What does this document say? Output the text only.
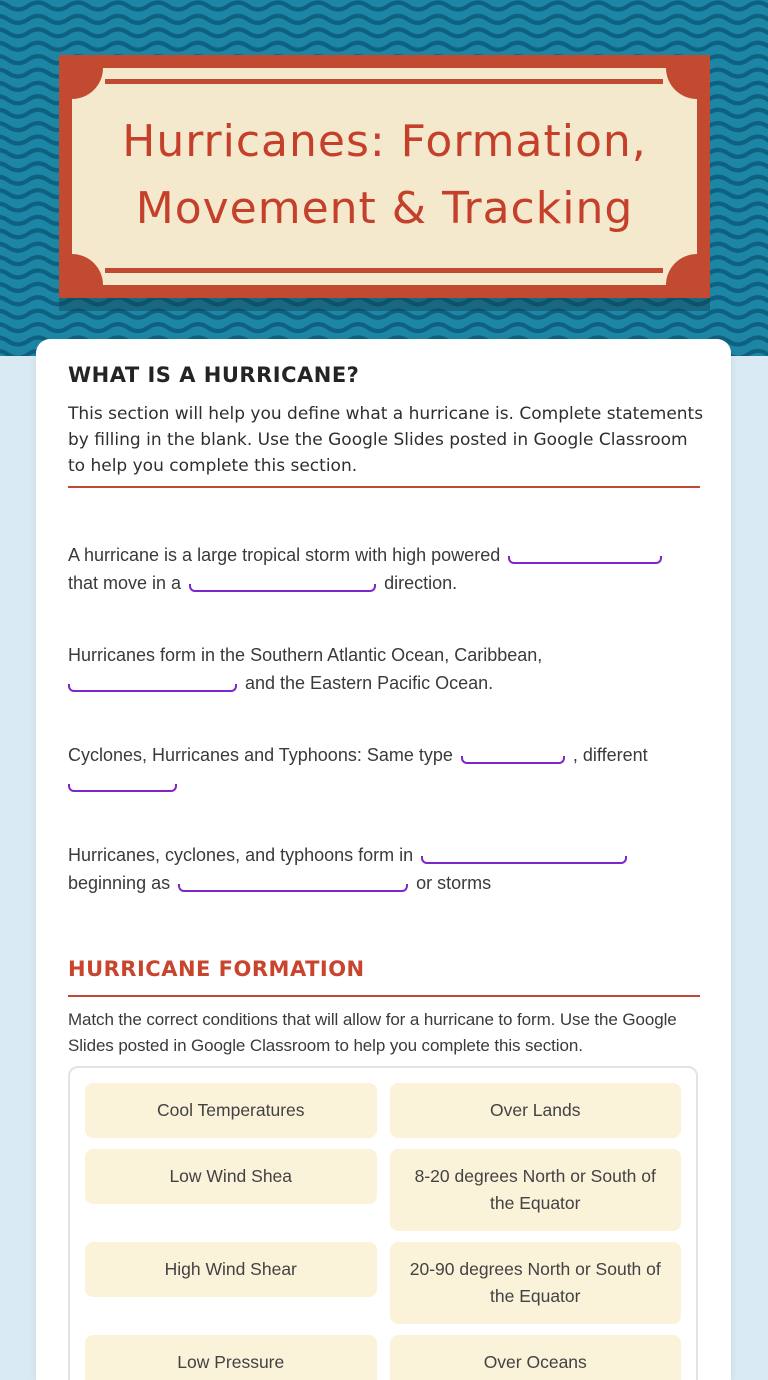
Hurricanes: Formation,
Movement & Tracking
WHAT IS A HURRICANE?
This section will help you define what a hurricane is. Complete statements by filling in the blank. Use the Google Slides posted in Google Classroom to help you complete this section.

A hurricane is a large tropical storm with high powered
that move in a	direction.

Hurricanes form in the Southern Atlantic Ocean, Caribbean,
and the Eastern Pacific Ocean.

Cyclones, Hurricanes and Typhoons: Same type	, different

Hurricanes, cyclones, and typhoons form in
beginning as	or storms

HURRICANE FORMATION
Match the correct conditions that will allow for a hurricane to form. Use the Google Slides posted in Google Classroom to help you complete this section.
Cool Temperatures	Over Lands
Low Wind Shea	8-20 degrees North or South of the Equator
High Wind Shear	20-90 degrees North or South of the Equator
Low Pressure	Over Oceans
